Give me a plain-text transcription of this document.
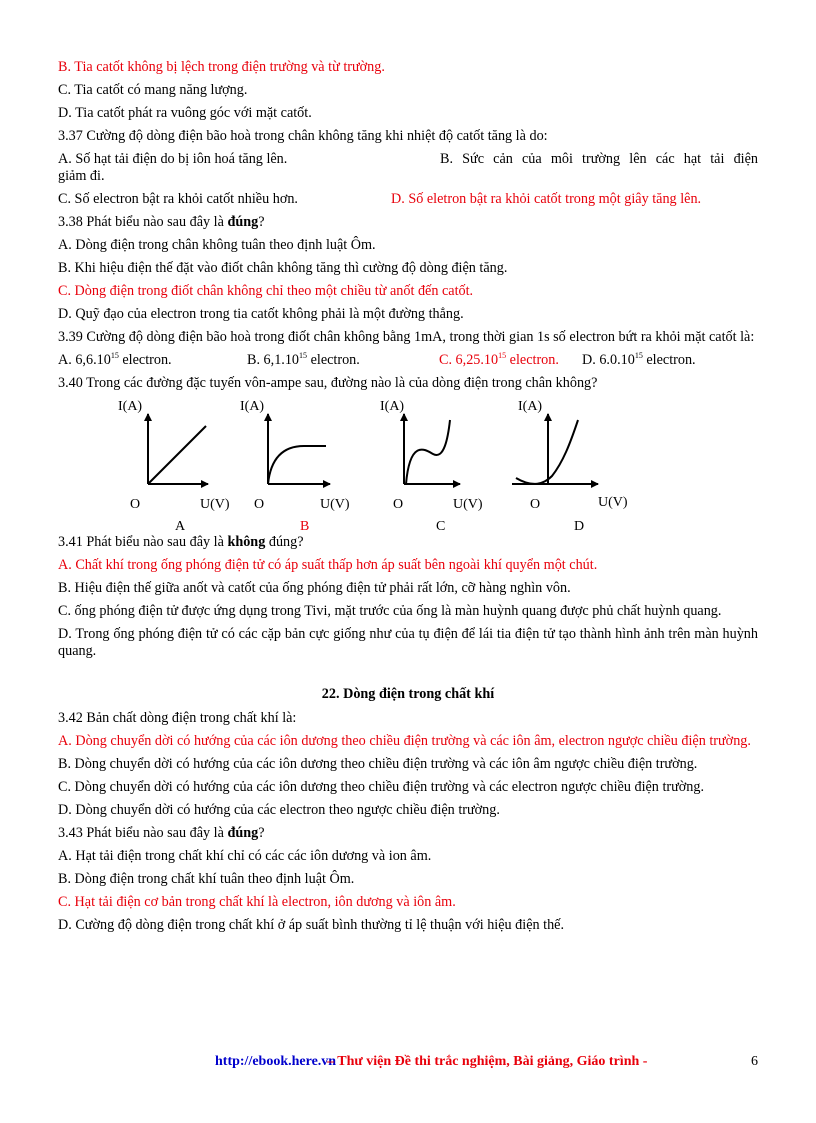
B. Tia catốt không bị lệch trong điện trường và từ trường.
C. Tia catốt có mang năng lượng.
D. Tia catốt phát ra vuông góc với mặt catốt.
3.37 Cường độ dòng điện bão hoà trong chân không tăng khi nhiệt độ catốt tăng là do:
A. Số hạt tải điện do bị iôn hoá tăng lên.	B. Sức cản của môi trường lên các hạt tải điện
giảm đi.
C. Số electron bật ra khỏi catốt nhiều hơn.	D. Số eletron bật ra khỏi catốt trong một giây tăng lên.
3.38 Phát biểu nào sau đây là đúng?
A. Dòng điện trong chân không tuân theo định luật Ôm.
B. Khi hiệu điện thế đặt vào điốt chân không tăng thì cường độ dòng điện tăng.
C. Dòng điện trong điốt chân không chỉ theo một chiều từ anốt đến catốt.
D. Quỹ đạo của electron trong tia catốt không phải là một đường thẳng.
3.39 Cường độ dòng điện bão hoà trong điốt chân không bằng 1mA, trong thời gian 1s số electron bứt ra khỏi mặt catốt là:
A. 6,6.10$^{15}$ electron.	B. 6,1.10$^{15}$ electron.	C. 6,25.10$^{15}$ electron.	D. 6.0.10$^{15}$ electron.
3.40 Trong các đường đặc tuyến vôn-ampe sau, đường nào là của dòng điện trong chân không?
I(A)
O	U(V)
A
I(A)
O	U(V)
B
I(A)
O	U(V)
C
I(A)
O	U(V)
D
3.41 Phát biểu nào sau đây là không đúng?
A. Chất khí trong ống phóng điện tử có áp suất thấp hơn áp suất bên ngoài khí quyển một chút.
B. Hiệu điện thế giữa anốt và catốt của ống phóng điện tử phải rất lớn, cỡ hàng nghìn vôn.
C. ống phóng điện tử được ứng dụng trong Tivi, mặt trước của ống là màn huỳnh quang được phủ chất huỳnh quang.
D. Trong ống phóng điện tử có các cặp bản cực giống như của tụ điện để lái tia điện tử tạo thành hình ảnh trên màn huỳnh quang.
22. Dòng điện trong chất khí
3.42 Bản chất dòng điện trong chất khí là:
A. Dòng chuyển dời có hướng của các iôn dương theo chiều điện trường và các iôn âm, electron ngược chiều điện trường.
B. Dòng chuyển dời có hướng của các iôn dương theo chiều điện trường và các iôn âm ngược chiều điện trường.
C. Dòng chuyển dời có hướng của các iôn dương theo chiều điện trường và các electron ngược chiều điện trường.
D. Dòng chuyển dời có hướng của các electron theo ngược chiều điện trường.
3.43 Phát biểu nào sau đây là đúng?
A. Hạt tải điện trong chất khí chỉ có các các iôn dương và ion âm.
B. Dòng điện trong chất khí tuân theo định luật Ôm.
C. Hạt tải điện cơ bản trong chất khí là electron, iôn dương và iôn âm.
D. Cường độ dòng điện trong chất khí ở áp suất bình thường tỉ lệ thuận với hiệu điện thế.
http://ebook.here.vn
– Thư viện Đề thi trắc nghiệm, Bài giảng, Giáo trình -	6
